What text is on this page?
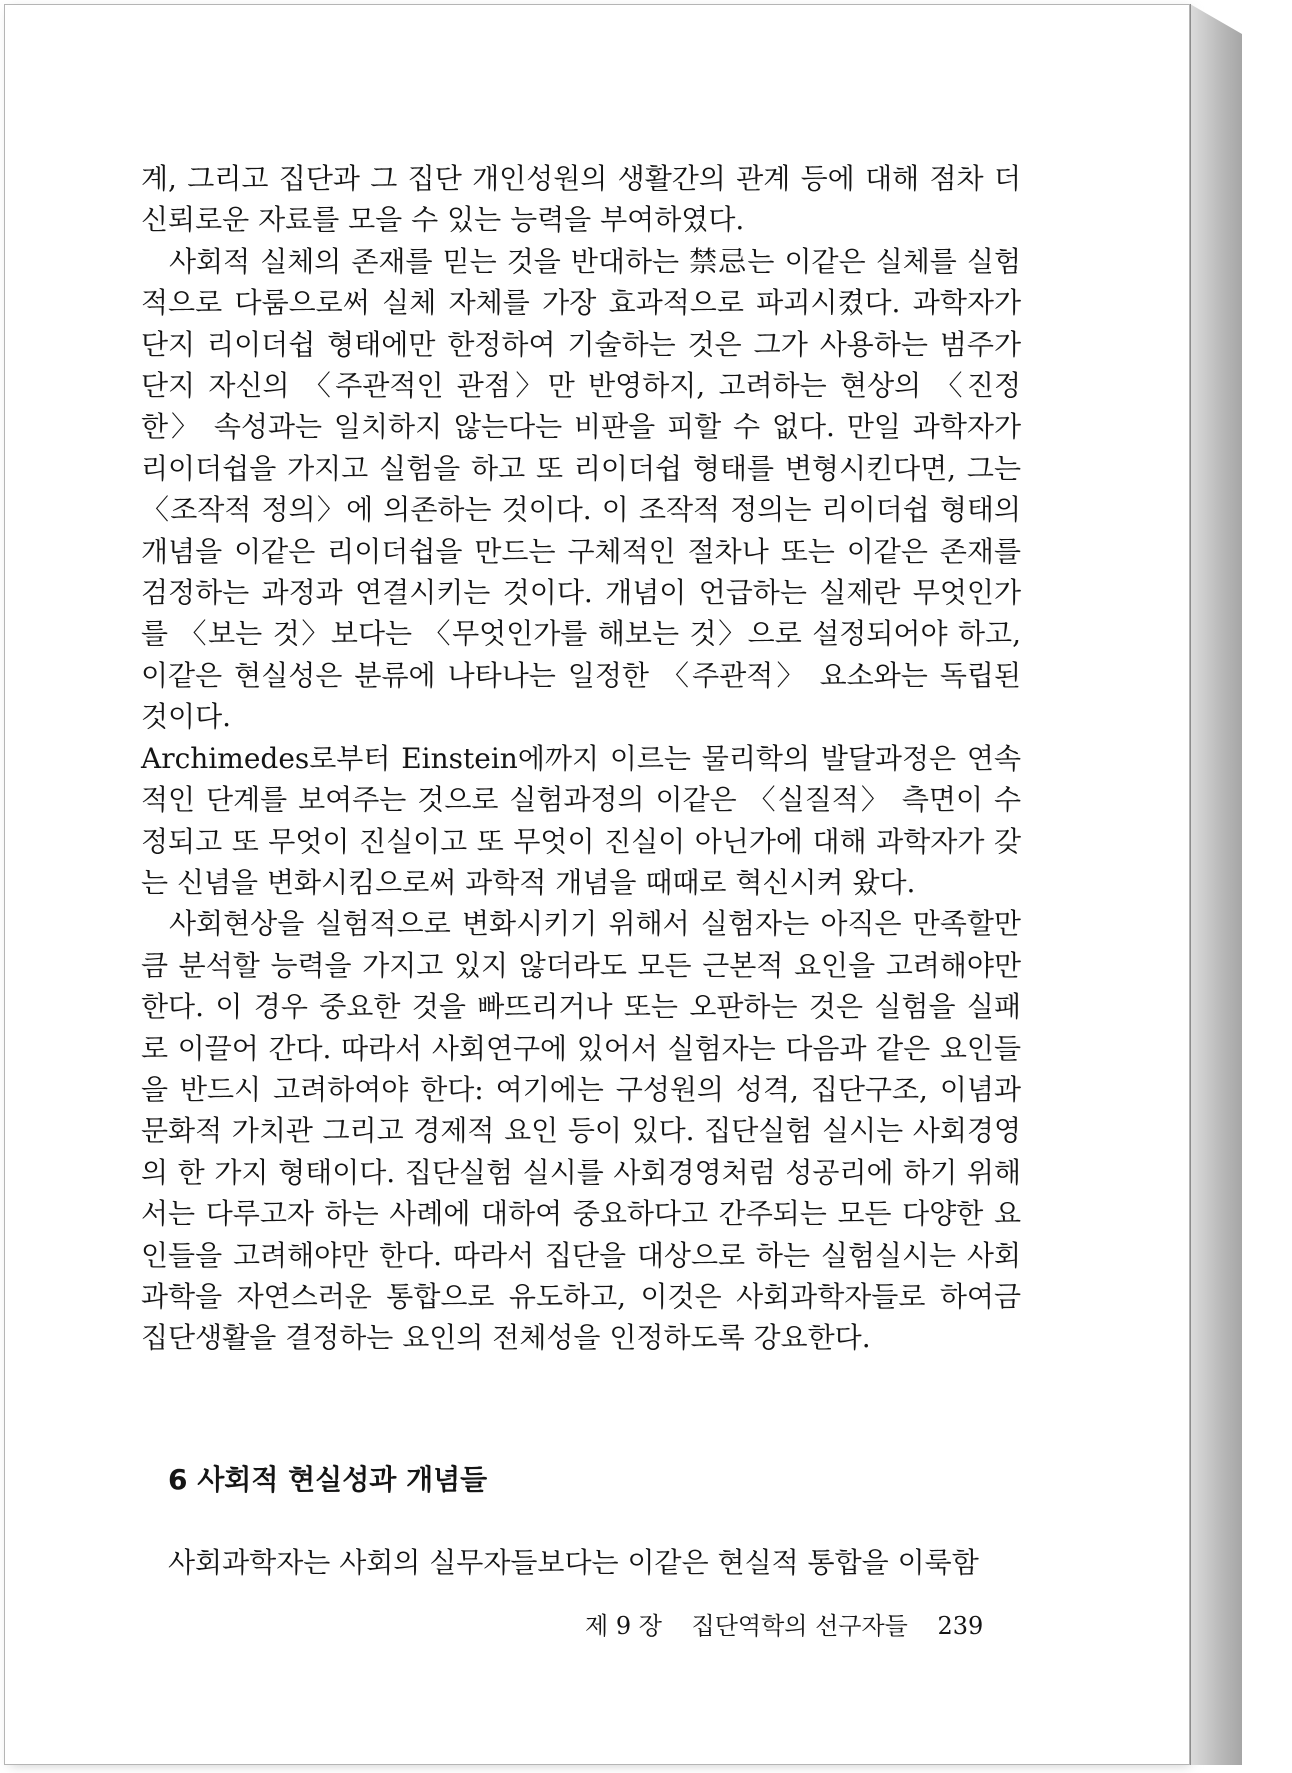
계, 그리고 집단과 그 집단 개인성원의 생활간의 관계 등에 대해 점차 더 신뢰로운 자료를 모을 수 있는 능력을 부여하였다.

사회적 실체의 존재를 믿는 것을 반대하는 禁忌는 이같은 실체를 실험적으로 다룸으로써 실체 자체를 가장 효과적으로 파괴시켰다. 과학자가 단지 리이더쉽 형태에만 한정하여 기술하는 것은 그가 사용하는 범주가 단지 자신의 〈주관적인 관점〉만 반영하지, 고려하는 현상의 〈진정한〉 속성과는 일치하지 않는다는 비판을 피할 수 없다. 만일 과학자가 리이더쉽을 가지고 실험을 하고 또 리이더쉽 형태를 변형시킨다면, 그는 〈조작적 정의〉에 의존하는 것이다. 이 조작적 정의는 리이더쉽 형태의 개념을 이같은 리이더쉽을 만드는 구체적인 절차나 또는 이같은 존재를 검정하는 과정과 연결시키는 것이다. 개념이 언급하는 실제란 무엇인가를 〈보는 것〉보다는 〈무엇인가를 해보는 것〉으로 설정되어야 하고, 이같은 현실성은 분류에 나타나는 일정한 〈주관적〉 요소와는 독립된 것이다.

Archimedes로부터 Einstein에까지 이르는 물리학의 발달과정은 연속적인 단계를 보여주는 것으로 실험과정의 이같은 〈실질적〉 측면이 수정되고 또 무엇이 진실이고 또 무엇이 진실이 아닌가에 대해 과학자가 갖는 신념을 변화시킴으로써 과학적 개념을 때때로 혁신시켜 왔다.

사회현상을 실험적으로 변화시키기 위해서 실험자는 아직은 만족할만큼 분석할 능력을 가지고 있지 않더라도 모든 근본적 요인을 고려해야만 한다. 이 경우 중요한 것을 빠뜨리거나 또는 오판하는 것은 실험을 실패로 이끌어 간다. 따라서 사회연구에 있어서 실험자는 다음과 같은 요인들을 반드시 고려하여야 한다: 여기에는 구성원의 성격, 집단구조, 이념과 문화적 가치관 그리고 경제적 요인 등이 있다. 집단실험 실시는 사회경영의 한 가지 형태이다. 집단실험 실시를 사회경영처럼 성공리에 하기 위해서는 다루고자 하는 사례에 대하여 중요하다고 간주되는 모든 다양한 요인들을 고려해야만 한다. 따라서 집단을 대상으로 하는 실험실시는 사회과학을 자연스러운 통합으로 유도하고, 이것은 사회과학자들로 하여금 집단생활을 결정하는 요인의 전체성을 인정하도록 강요한다.

6 사회적 현실성과 개념들
사회과학자는 사회의 실무자들보다는 이같은 현실적 통합을 이룩함
제 9 장 집단역학의 선구자들 239
